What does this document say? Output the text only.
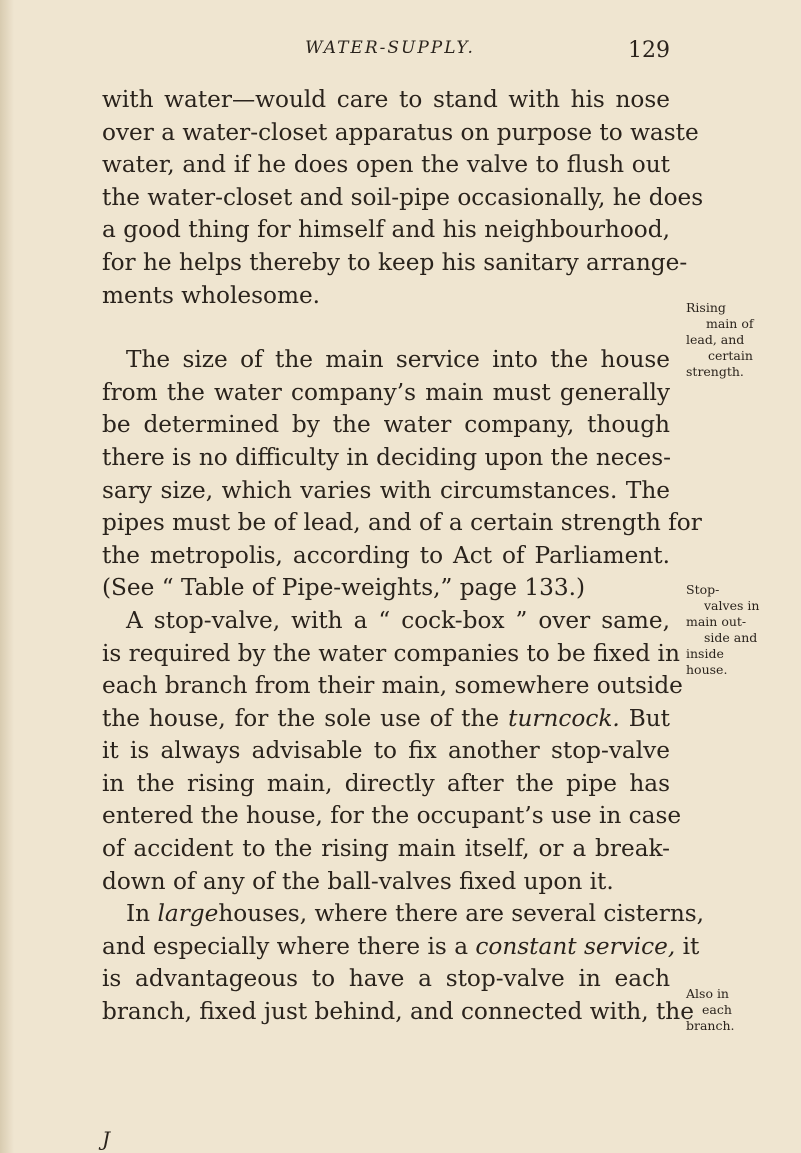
WATER-SUPPLY.	129

with water—would care to stand with his nose
over a water-closet apparatus on purpose to waste
water, and if he does open the valve to flush out
the water-closet and soil-pipe occasionally, he does
a good thing for himself and his neighbourhood,
for he helps thereby to keep his sanitary arrange-
ments wholesome.

The size of the main service into the house
from the water company’s main must generally
be determined by the water company, though
there is no difficulty in deciding upon the neces-
sary size, which varies with circumstances. The
pipes must be of lead, and of a certain strength for
the metropolis, according to Act of Parliament.
(See “ Table of Pipe-weights,” page 133.)

A stop-valve, with a “ cock-box ” over same,
is required by the water companies to be fixed in
each branch from their main, somewhere outside
the house, for the sole use of the turncock. But
it is always advisable to fix another stop-valve
in the rising main, directly after the pipe has
entered the house, for the occupant’s use in case
of accident to the rising main itself, or a break-
down of any of the ball-valves fixed upon it.

In largehouses, where there are several cisterns,
and especially where there is a constant service, it
is advantageous to have a stop-valve in each
branch, fixed just behind, and connected with, the

Rising
main of
lead, and
certain
strength.
Stop-
valves in
main out-
side and
inside
house.
Also in
each
branch.
J
